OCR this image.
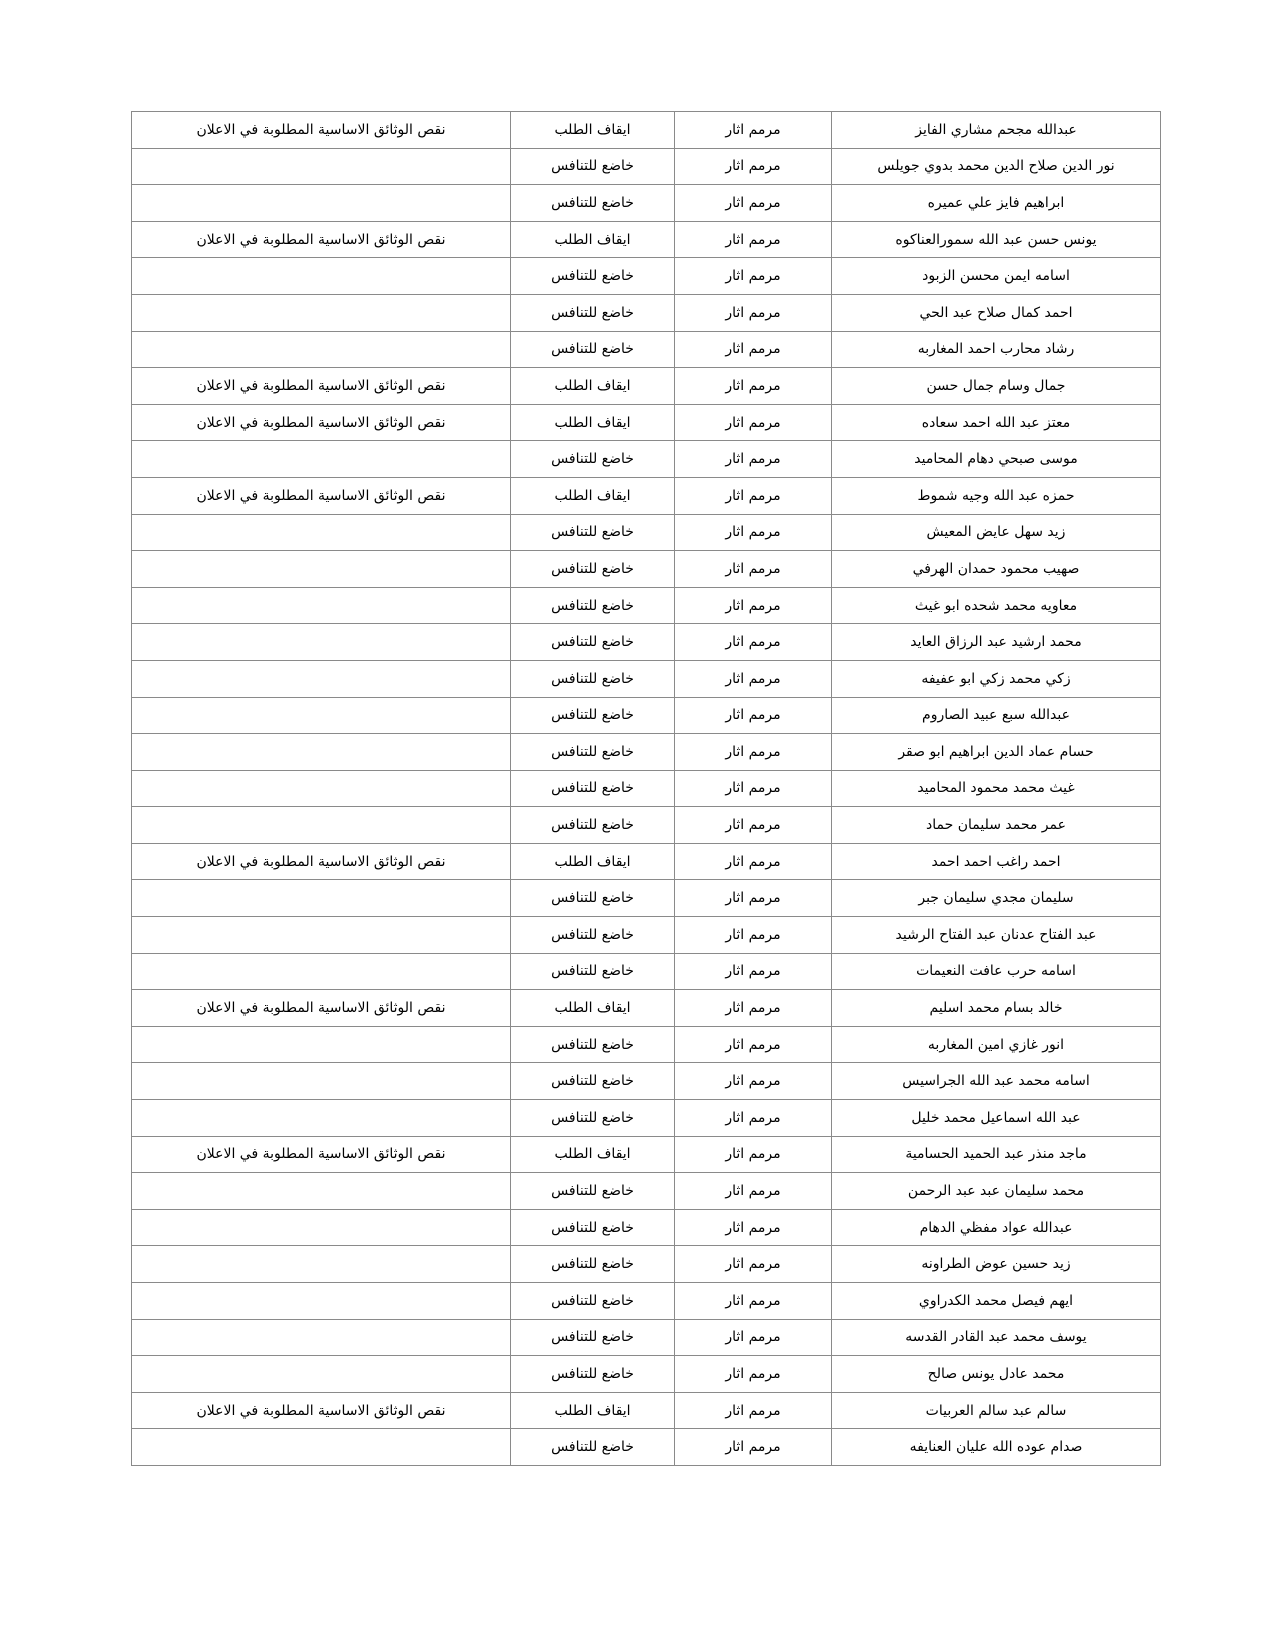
عبدالله مجحم مشاري الفايز	مرمم اثار	ايقاف الطلب	نقص الوثائق الاساسية المطلوبة في الاعلان
نور الدين صلاح الدين محمد بدوي جويلس	مرمم اثار	خاضع للتنافس	
ابراهيم فايز علي عميره	مرمم اثار	خاضع للتنافس	
يونس حسن عبد الله سمورالعناكوه	مرمم اثار	ايقاف الطلب	نقص الوثائق الاساسية المطلوبة في الاعلان
اسامه ايمن محسن الزبود	مرمم اثار	خاضع للتنافس	
احمد كمال صلاح عبد الحي	مرمم اثار	خاضع للتنافس	
رشاد محارب احمد المغاربه	مرمم اثار	خاضع للتنافس	
جمال وسام جمال حسن	مرمم اثار	ايقاف الطلب	نقص الوثائق الاساسية المطلوبة في الاعلان
معتز عبد الله احمد سعاده	مرمم اثار	ايقاف الطلب	نقص الوثائق الاساسية المطلوبة في الاعلان
موسى صبحي دهام المحاميد	مرمم اثار	خاضع للتنافس	
حمزه عبد الله وجيه شموط	مرمم اثار	ايقاف الطلب	نقص الوثائق الاساسية المطلوبة في الاعلان
زيد سهل عايض المعيش	مرمم اثار	خاضع للتنافس	
صهيب محمود حمدان الهرفي	مرمم اثار	خاضع للتنافس	
معاويه محمد شحده ابو غيث	مرمم اثار	خاضع للتنافس	
محمد ارشيد عبد الرزاق العايد	مرمم اثار	خاضع للتنافس	
زكي محمد زكي ابو عفيفه	مرمم اثار	خاضع للتنافس	
عبدالله سبع عبيد الصاروم	مرمم اثار	خاضع للتنافس	
حسام عماد الدين ابراهيم ابو صقر	مرمم اثار	خاضع للتنافس	
غيث محمد محمود المحاميد	مرمم اثار	خاضع للتنافس	
عمر محمد سليمان حماد	مرمم اثار	خاضع للتنافس	
احمد راغب احمد احمد	مرمم اثار	ايقاف الطلب	نقص الوثائق الاساسية المطلوبة في الاعلان
سليمان مجدي سليمان جبر	مرمم اثار	خاضع للتنافس	
عبد الفتاح عدنان عبد الفتاح الرشيد	مرمم اثار	خاضع للتنافس	
اسامه حرب عافت النعيمات	مرمم اثار	خاضع للتنافس	
خالد بسام محمد اسليم	مرمم اثار	ايقاف الطلب	نقص الوثائق الاساسية المطلوبة في الاعلان
انور غازي امين المغاربه	مرمم اثار	خاضع للتنافس	
اسامه محمد عبد الله الجراسيس	مرمم اثار	خاضع للتنافس	
عبد الله اسماعيل محمد خليل	مرمم اثار	خاضع للتنافس	
ماجد منذر عبد الحميد الحسامية	مرمم اثار	ايقاف الطلب	نقص الوثائق الاساسية المطلوبة في الاعلان
محمد سليمان عبد عبد الرحمن	مرمم اثار	خاضع للتنافس	
عبدالله عواد مفظي الدهام	مرمم اثار	خاضع للتنافس	
زيد حسين عوض الطراونه	مرمم اثار	خاضع للتنافس	
ايهم فيصل محمد الكدراوي	مرمم اثار	خاضع للتنافس	
يوسف محمد عبد القادر القدسه	مرمم اثار	خاضع للتنافس	
محمد عادل يونس صالح	مرمم اثار	خاضع للتنافس	
سالم عبد سالم العربيات	مرمم اثار	ايقاف الطلب	نقص الوثائق الاساسية المطلوبة في الاعلان
صدام عوده الله عليان العنايفه	مرمم اثار	خاضع للتنافس	
